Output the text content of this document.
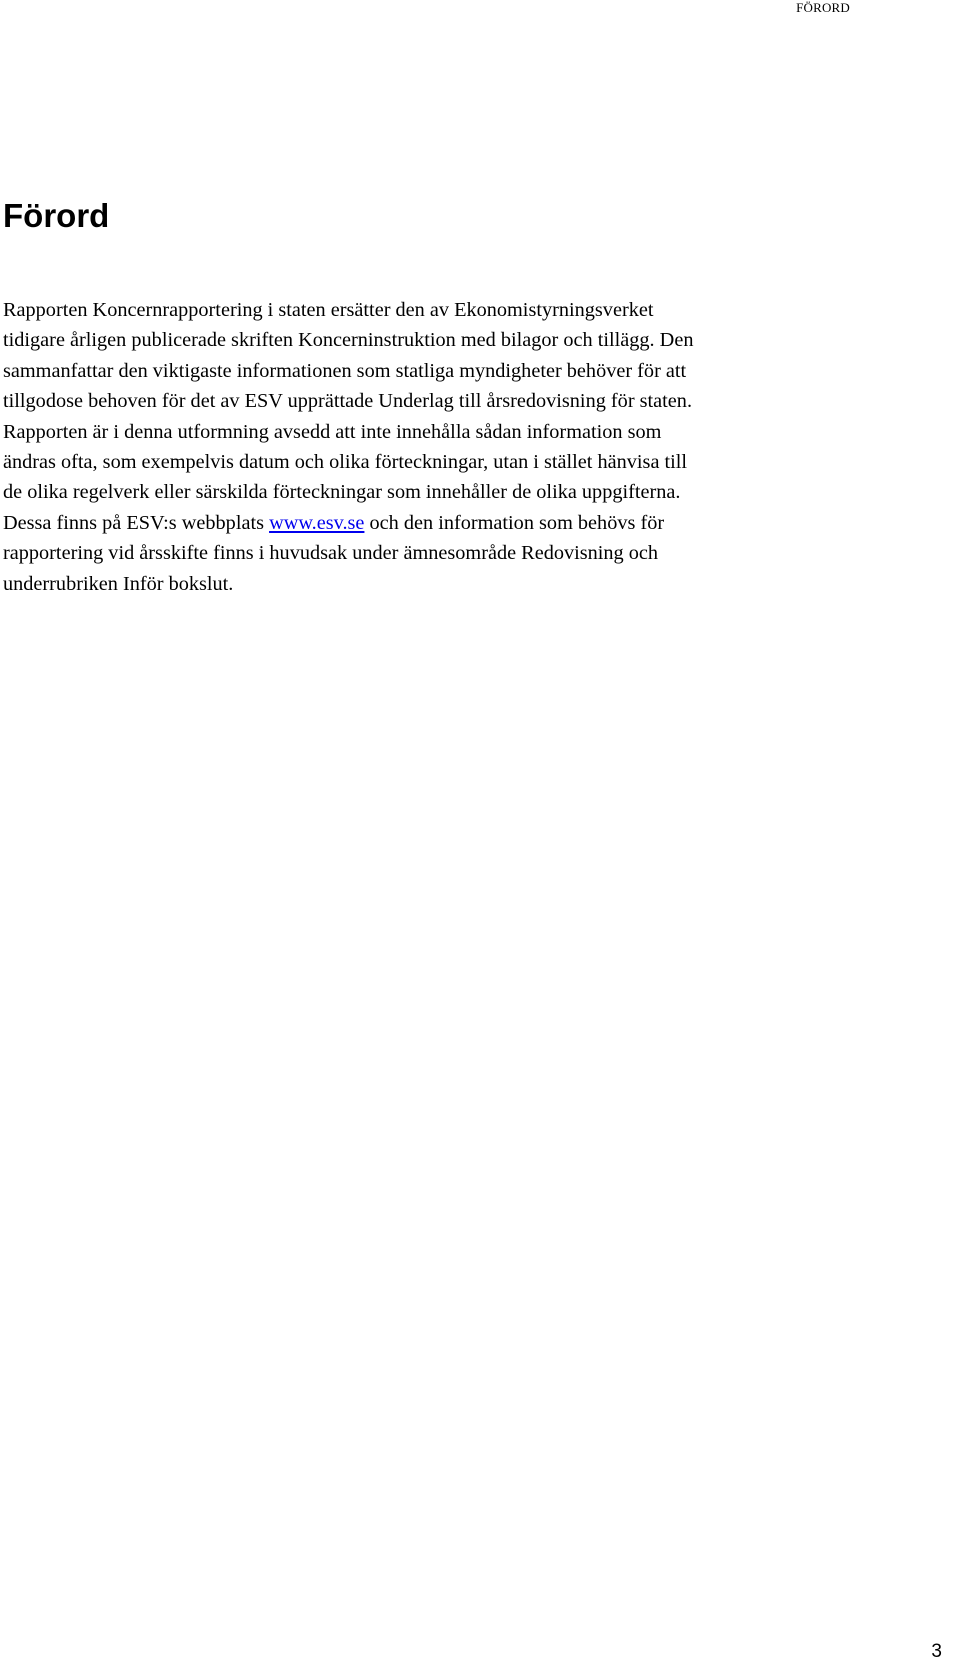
FÖRORD
Förord

Rapporten Koncernrapportering i staten ersätter den av Ekonomistyrningsverket
tidigare årligen publicerade skriften Koncerninstruktion med bilagor och tillägg. Den
sammanfattar den viktigaste informationen som statliga myndigheter behöver för att
tillgodose behoven för det av ESV upprättade Underlag till årsredovisning för staten.
Rapporten är i denna utformning avsedd att inte innehålla sådan information som
ändras ofta, som exempelvis datum och olika förteckningar, utan i stället hänvisa till
de olika regelverk eller särskilda förteckningar som innehåller de olika uppgifterna.
Dessa finns på ESV:s webbplats www.esv.se och den information som behövs för
rapportering vid årsskifte finns i huvudsak under ämnesområde Redovisning och
underrubriken Inför bokslut.

3
